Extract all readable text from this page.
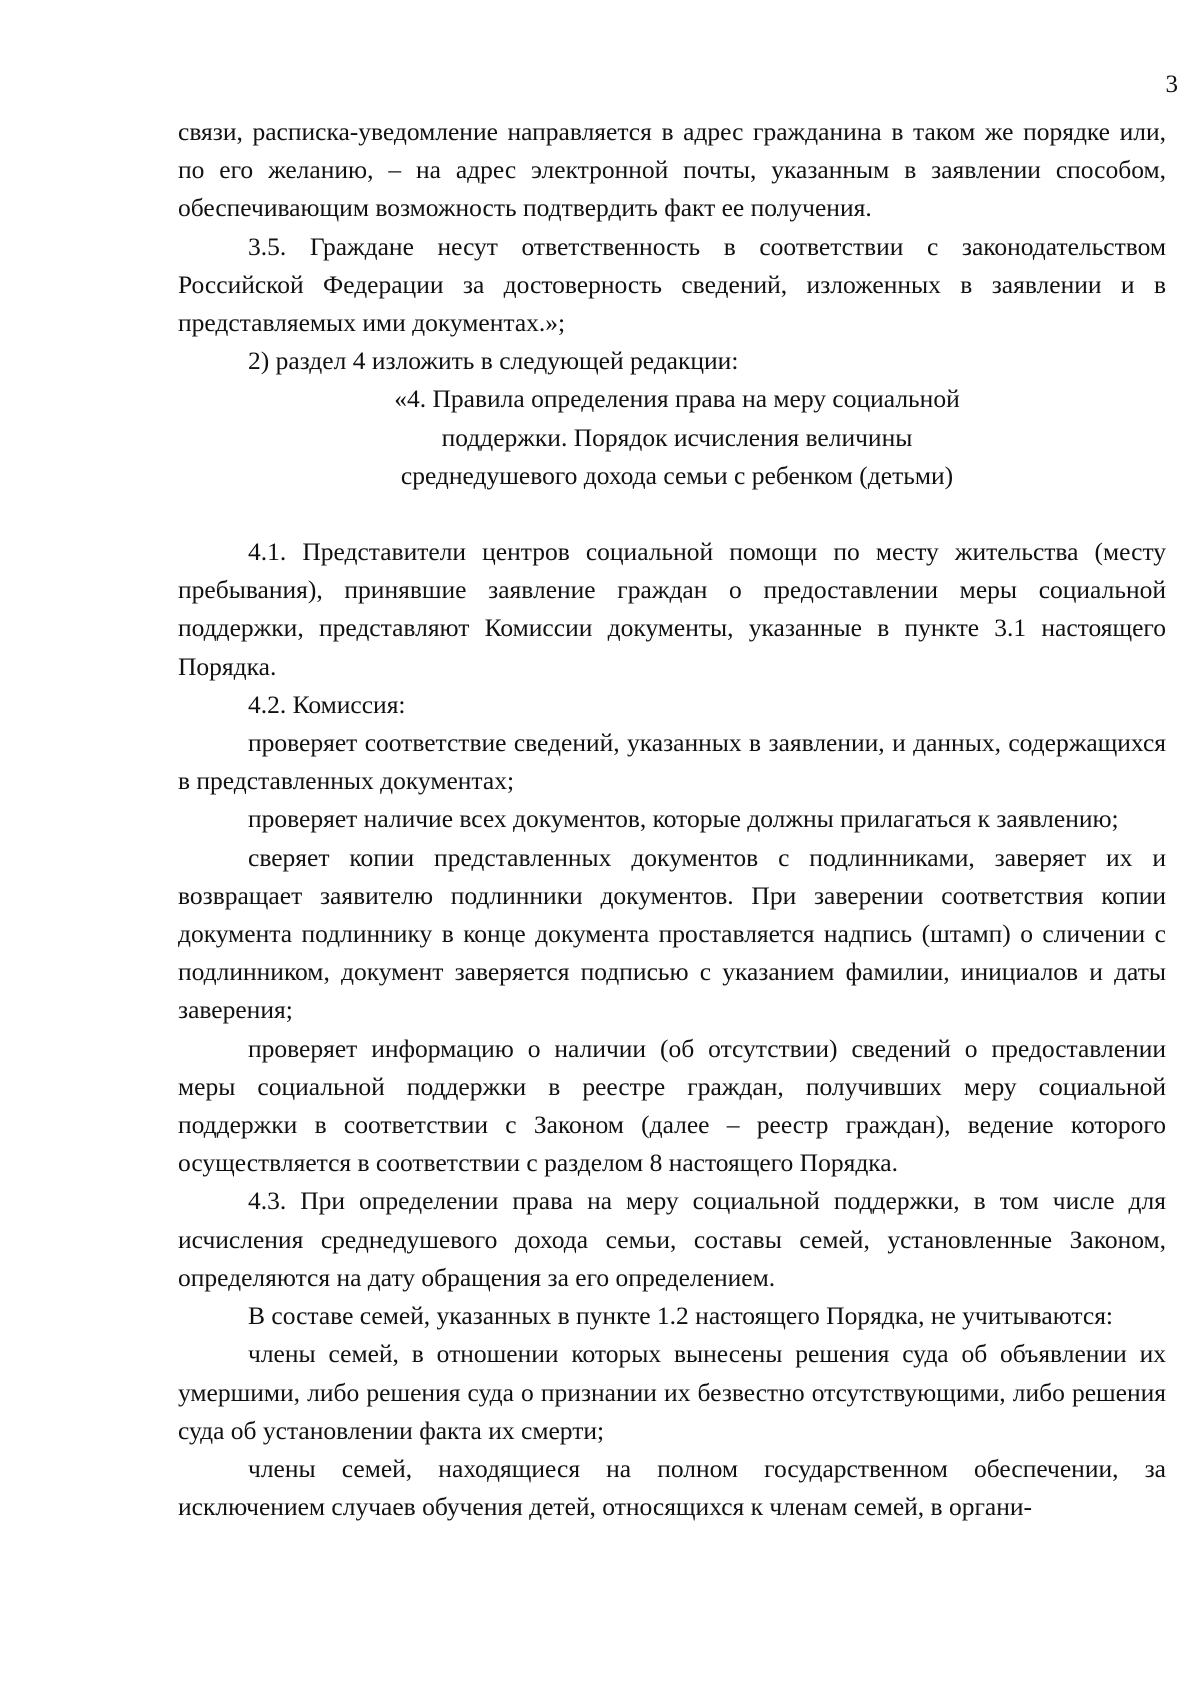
3

связи, расписка-уведомление направляется в адрес гражданина в таком же порядке или, по его желанию, – на адрес электронной почты, указанным в заявлении способом, обеспечивающим возможность подтвердить факт ее получения.

3.5. Граждане несут ответственность в соответствии с законодательством Российской Федерации за достоверность сведений, изложенных в заявлении и в представляемых ими документах.»;

2) раздел 4 изложить в следующей редакции:

«4. Правила определения права на меру социальной
поддержки. Порядок исчисления величины
среднедушевого дохода семьи с ребенком (детьми)

4.1. Представители центров социальной помощи по месту жительства (месту пребывания), принявшие заявление граждан о предоставлении меры социальной поддержки, представляют Комиссии документы, указанные в пункте 3.1 настоящего Порядка.

4.2. Комиссия:

проверяет соответствие сведений, указанных в заявлении, и данных, содержащихся в представленных документах;

проверяет наличие всех документов, которые должны прилагаться к заявлению;

сверяет копии представленных документов с подлинниками, заверяет их и возвращает заявителю подлинники документов. При заверении соответствия копии документа подлиннику в конце документа проставляется надпись (штамп) о сличении с подлинником, документ заверяется подписью с указанием фамилии, инициалов и даты заверения;

проверяет информацию о наличии (об отсутствии) сведений о предоставлении меры социальной поддержки в реестре граждан, получивших меру социальной поддержки в соответствии с Законом (далее – реестр граждан), ведение которого осуществляется в соответствии с разделом 8 настоящего Порядка.

4.3. При определении права на меру социальной поддержки, в том числе для исчисления среднедушевого дохода семьи, составы семей, установленные Законом, определяются на дату обращения за его определением.

В составе семей, указанных в пункте 1.2 настоящего Порядка, не учитываются:

члены семей, в отношении которых вынесены решения суда об объявлении их умершими, либо решения суда о признании их безвестно отсутствующими, либо решения суда об установлении факта их смерти;

члены семей, находящиеся на полном государственном обеспечении, за исключением случаев обучения детей, относящихся к членам семей, в органи-
